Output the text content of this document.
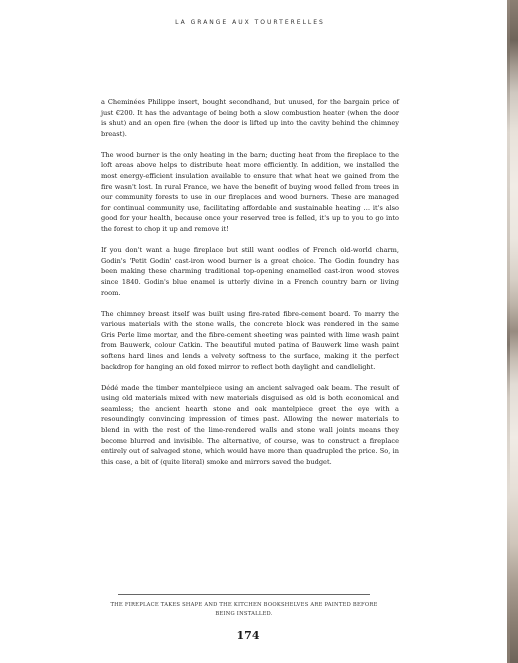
LA GRANGE AUX TOURTERELLES

a Cheminées Philippe insert, bought secondhand, but unused, for the bargain price of just €200. It has the advantage of being both a slow combustion heater (when the door is shut) and an open fire (when the door is lifted up into the cavity behind the chimney breast).

The wood burner is the only heating in the barn; ducting heat from the fireplace to the loft areas above helps to distribute heat more efficiently. In addition, we installed the most energy-efficient insulation available to ensure that what heat we gained from the fire wasn't lost. In rural France, we have the benefit of buying wood felled from trees in our community forests to use in our fireplaces and wood burners. These are managed for continual community use, facilitating affordable and sustainable heating … it's also good for your health, because once your reserved tree is felled, it's up to you to go into the forest to chop it up and remove it!

If you don't want a huge fireplace but still want oodles of French old-world charm, Godin's 'Petit Godin' cast-iron wood burner is a great choice. The Godin foundry has been making these charming traditional top-opening enamelled cast-iron wood stoves since 1840. Godin's blue enamel is utterly divine in a French country barn or living room.

The chimney breast itself was built using fire-rated fibre-cement board. To marry the various materials with the stone walls, the concrete block was rendered in the same Gris Perle lime mortar, and the fibre-cement sheeting was painted with lime wash paint from Bauwerk, colour Catkin. The beautiful muted patina of Bauwerk lime wash paint softens hard lines and lends a velvety softness to the surface, making it the perfect backdrop for hanging an old foxed mirror to reflect both daylight and candlelight.

Dédé made the timber mantelpiece using an ancient salvaged oak beam. The result of using old materials mixed with new materials disguised as old is both economical and seamless; the ancient hearth stone and oak mantelpiece greet the eye with a resoundingly convincing impression of times past. Allowing the newer materials to blend in with the rest of the lime-rendered walls and stone wall joints means they become blurred and invisible. The alternative, of course, was to construct a fireplace entirely out of salvaged stone, which would have more than quadrupled the price. So, in this case, a bit of (quite literal) smoke and mirrors saved the budget.

THE FIREPLACE TAKES SHAPE AND THE KITCHEN BOOKSHELVES ARE PAINTED BEFORE BEING INSTALLED.
174
